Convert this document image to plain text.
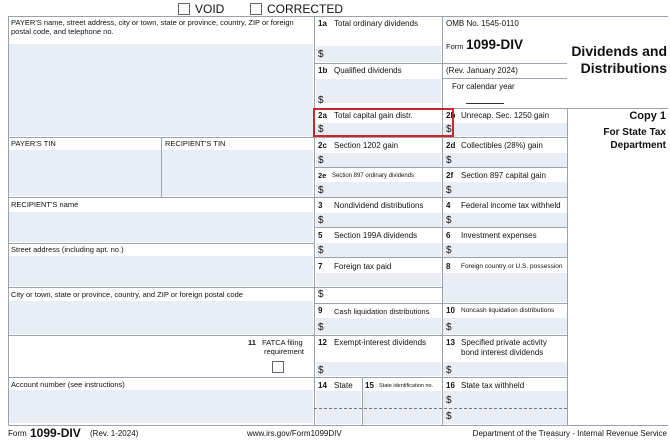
VOID	CORRECTED
PAYER'S name, street address, city or town, state or province, country, ZIP or foreign postal code, and telephone no.
PAYER'S TIN	RECIPIENT'S TIN
RECIPIENT'S name
Street address (including apt. no.)
City or town, state or province, country, and ZIP or foreign postal code
11 FATCA filing
requirement
Account number (see instructions)
1a Total ordinary dividends
$
1b Qualified dividends
$
2a Total capital gain distr.
$
2c Section 1202 gain
$
2e Section 897 ordinary dividends
$
3 Nondividend distributions
$
5 Section 199A dividends
$
7 Foreign tax paid
$
9 Cash liquidation distributions
$
12 Exempt-interest dividends
$
14 State 15 State identification no.
OMB No. 1545-0110
Form 1099-DIV
(Rev. January 2024)
For calendar year
2b Unrecap. Sec. 1250 gain
$
2d Collectibles (28%) gain
$
2f Section 897 capital gain
$
4 Federal income tax withheld
$
6 Investment expenses
$
8 Foreign country or U.S. possession
10 Noncash liquidation distributions
$
13 Specified private activity
bond interest dividends
$
16 State tax withheld
$
$
Dividends and
Distributions
Copy 1
For State Tax
Department
Form 1099-DIV (Rev. 1-2024)	www.irs.gov/Form1099DIV	Department of the Treasury - Internal Revenue Service
